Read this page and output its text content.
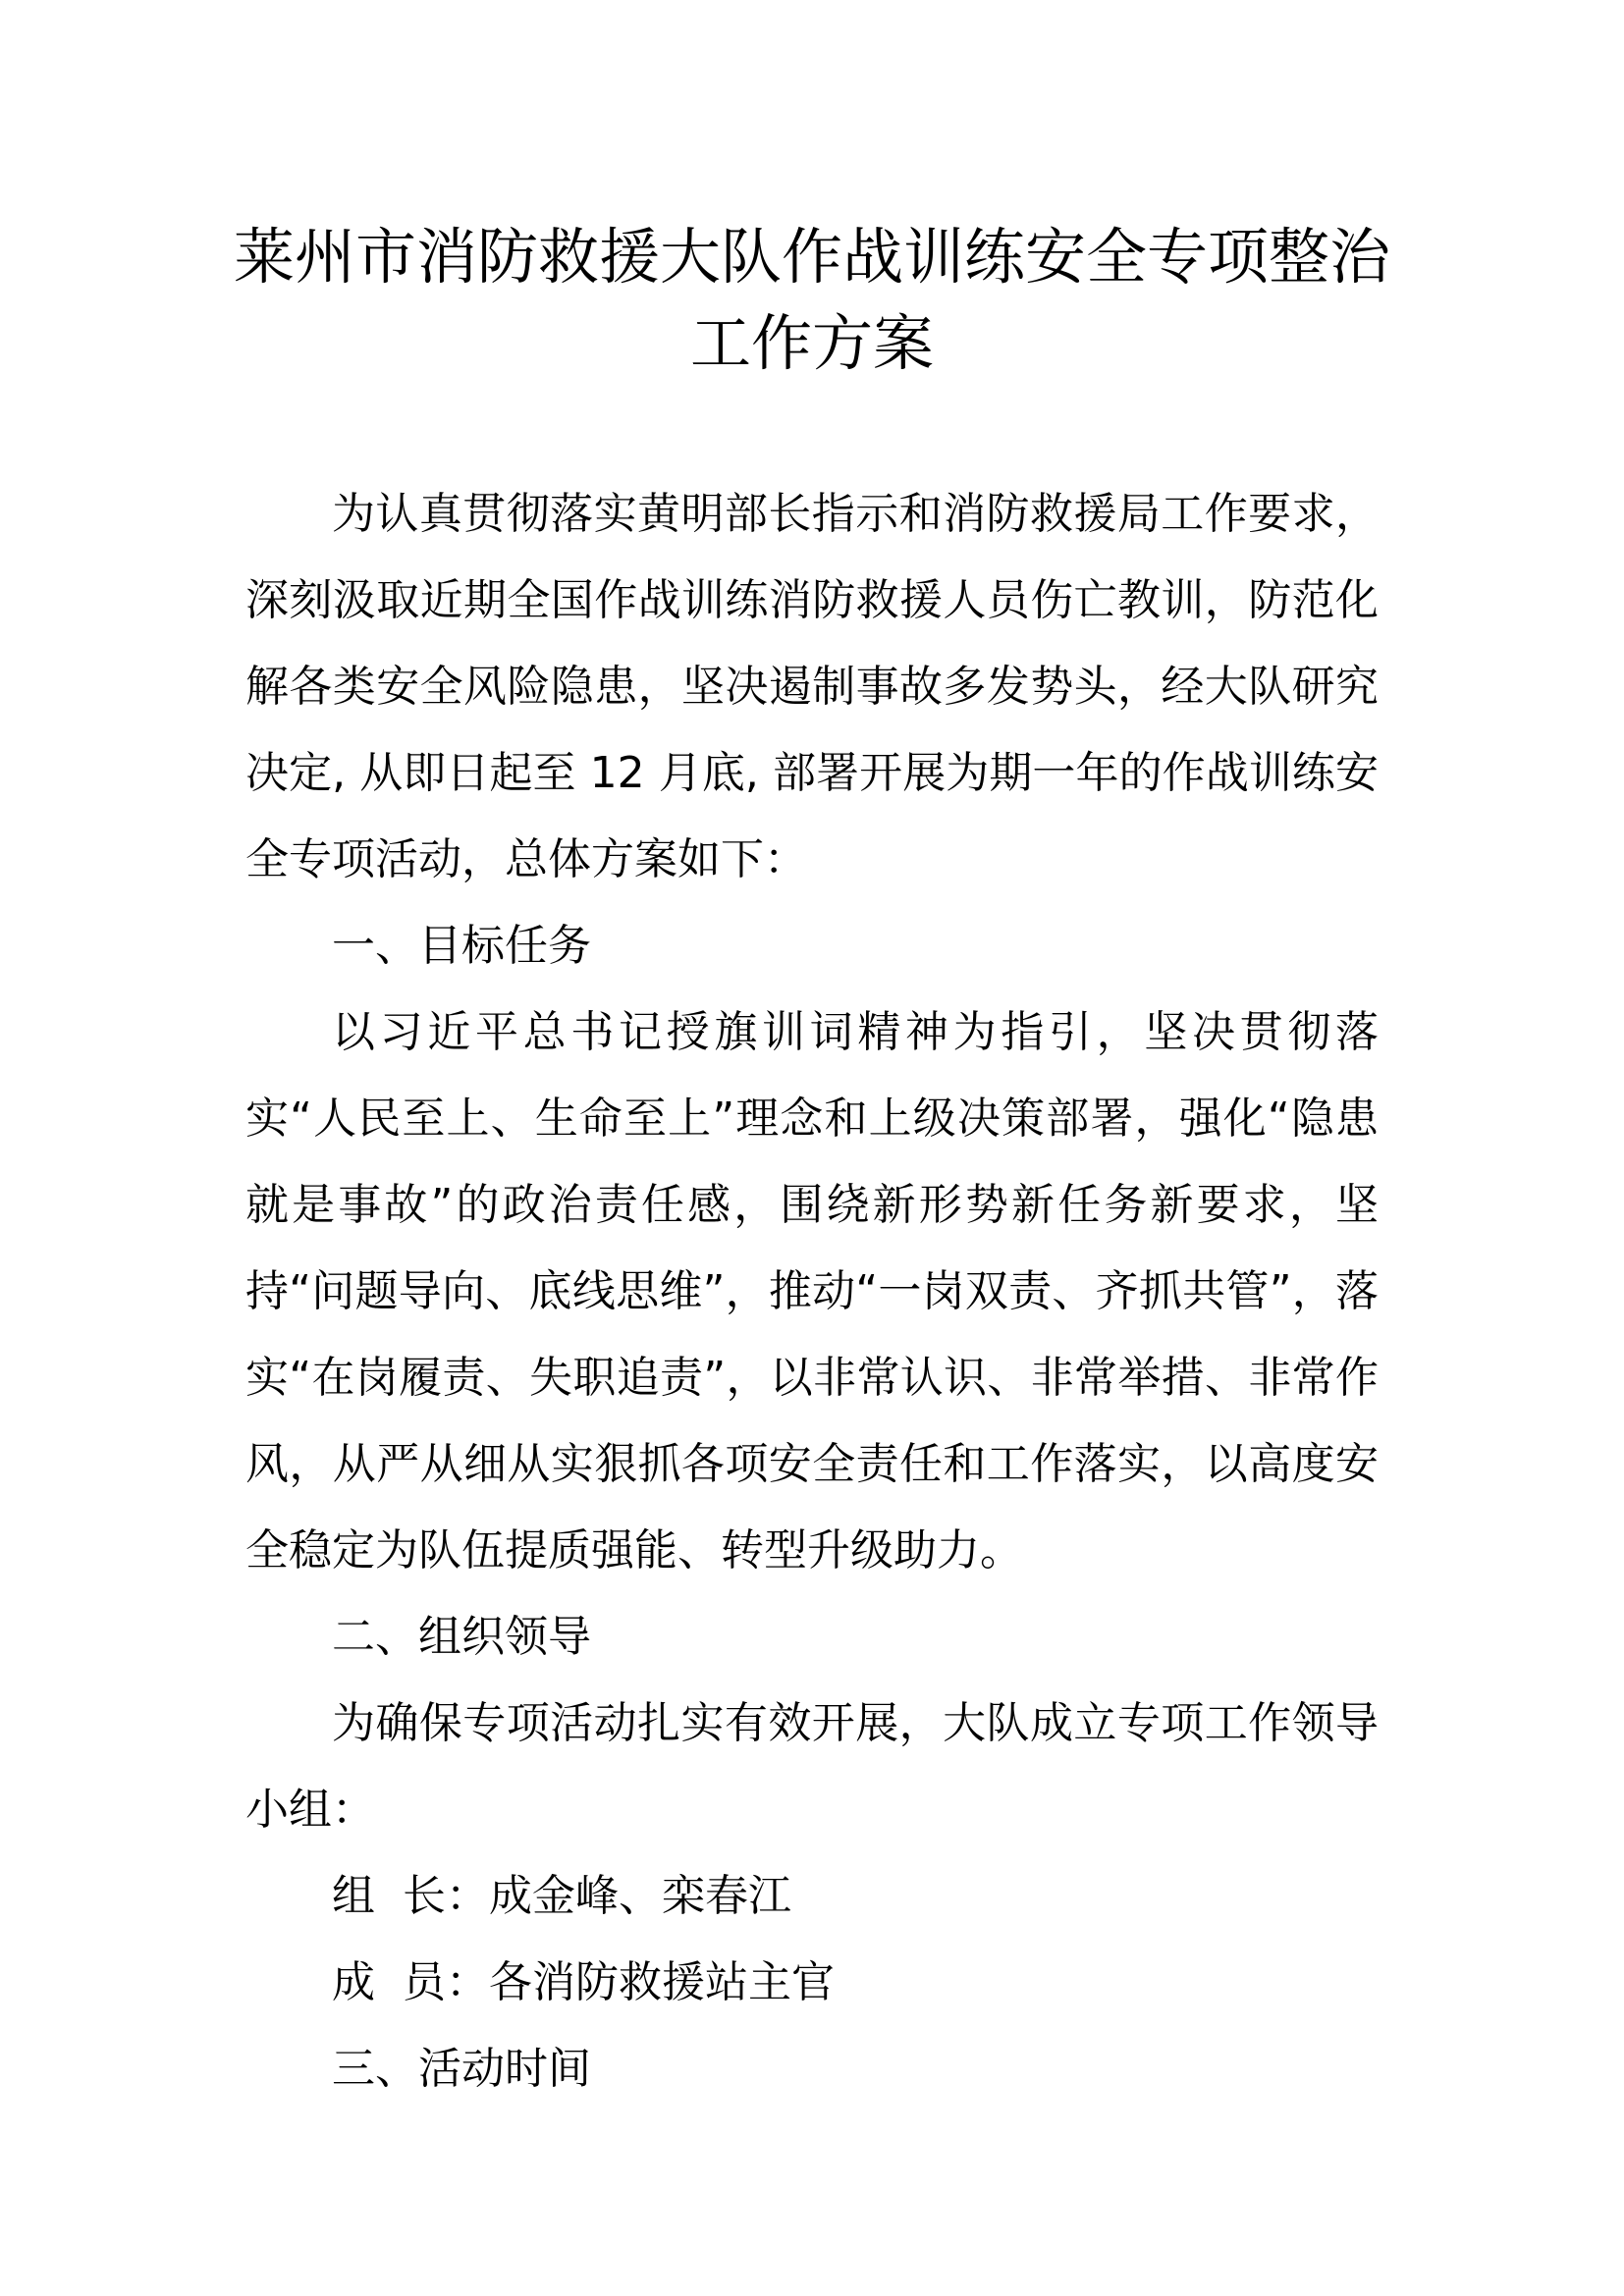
莱州市消防救援大队作战训练安全专项整治
工作方案

为认真贯彻落实黄明部长指示和消防救援局工作要求，深刻汲取近期全国作战训练消防救援人员伤亡教训，防范化解各类安全风险隐患，坚决遏制事故多发势头，经大队研究决定, 从即日起至 12 月底, 部署开展为期一年的作战训练安全专项活动，总体方案如下：

一、目标任务

以习近平总书记授旗训词精神为指引，坚决贯彻落实“人民至上、生命至上”理念和上级决策部署，强化“隐患就是事故”的政治责任感，围绕新形势新任务新要求，坚持“问题导向、底线思维”，推动“一岗双责、齐抓共管”，落实“在岗履责、失职追责”，以非常认识、非常举措、非常作风，从严从细从实狠抓各项安全责任和工作落实，以高度安全稳定为队伍提质强能、转型升级助力。

二、组织领导

为确保专项活动扎实有效开展，大队成立专项工作领导小组：

组  长：成金峰、栾春江

成  员：各消防救援站主官

三、活动时间
